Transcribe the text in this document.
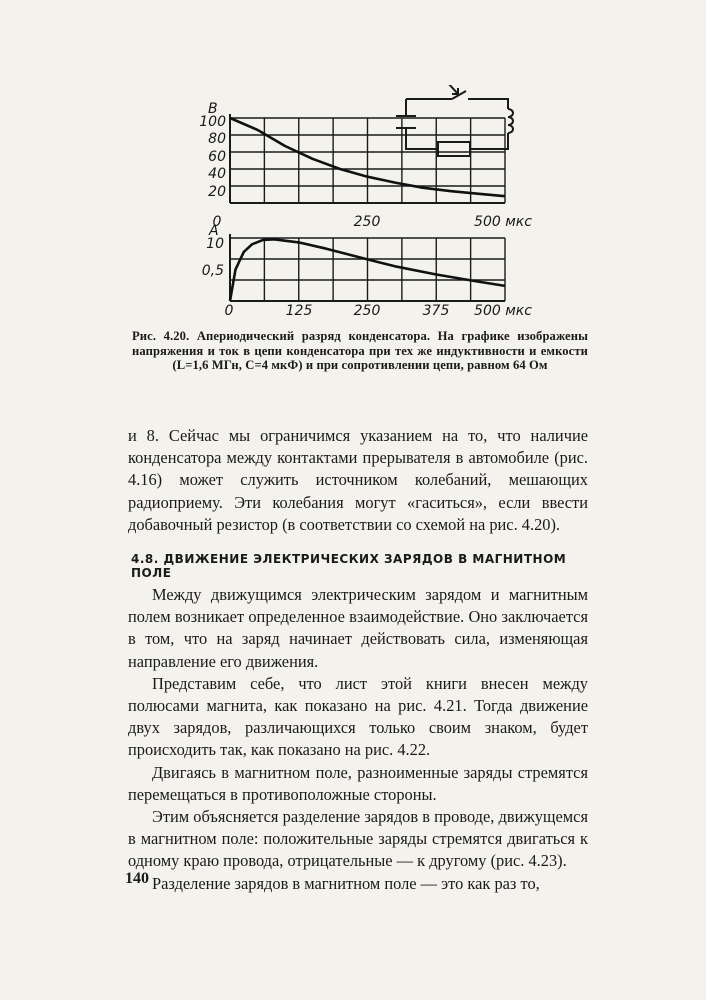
В
100
80
60
40
20
0	250	500 мкс
А
10
0,5
0	125	250	375 500 мкс
Рис. 4.20. Апериодический разряд конденсатора. На графике изображены напряжения и ток в цепи конденсатора при тех же индуктивности и емкости (L=1,6 МГн, C=4 мкФ) и при сопротивлении цепи, равном 64 Ом

и 8. Сейчас мы ограничимся указанием на то, что наличие конденсатора между контактами прерывателя в автомобиле (рис. 4.16) может служить источником колебаний, мешающих радиоприему. Эти колебания могут «гаситься», если ввести добавочный резистор (в соответствии со схемой на рис. 4.20).

4.8. ДВИЖЕНИЕ ЭЛЕКТРИЧЕСКИХ ЗАРЯДОВ В МАГНИТНОМ ПОЛЕ

Между движущимся электрическим зарядом и магнитным полем возникает определенное взаимодействие. Оно заключается в том, что на заряд начинает действовать сила, изменяющая направление его движения.

Представим себе, что лист этой книги внесен между полюсами магнита, как показано на рис. 4.21. Тогда движение двух зарядов, различающихся только своим знаком, будет происходить так, как показано на рис. 4.22.

Двигаясь в магнитном поле, разноименные заряды стремятся перемещаться в противоположные стороны.

Этим объясняется разделение зарядов в проводе, движущемся в магнитном поле: положительные заряды стремятся двигаться к одному краю провода, отрицательные — к другому (рис. 4.23).

Разделение зарядов в магнитном поле — это как раз то,

140
